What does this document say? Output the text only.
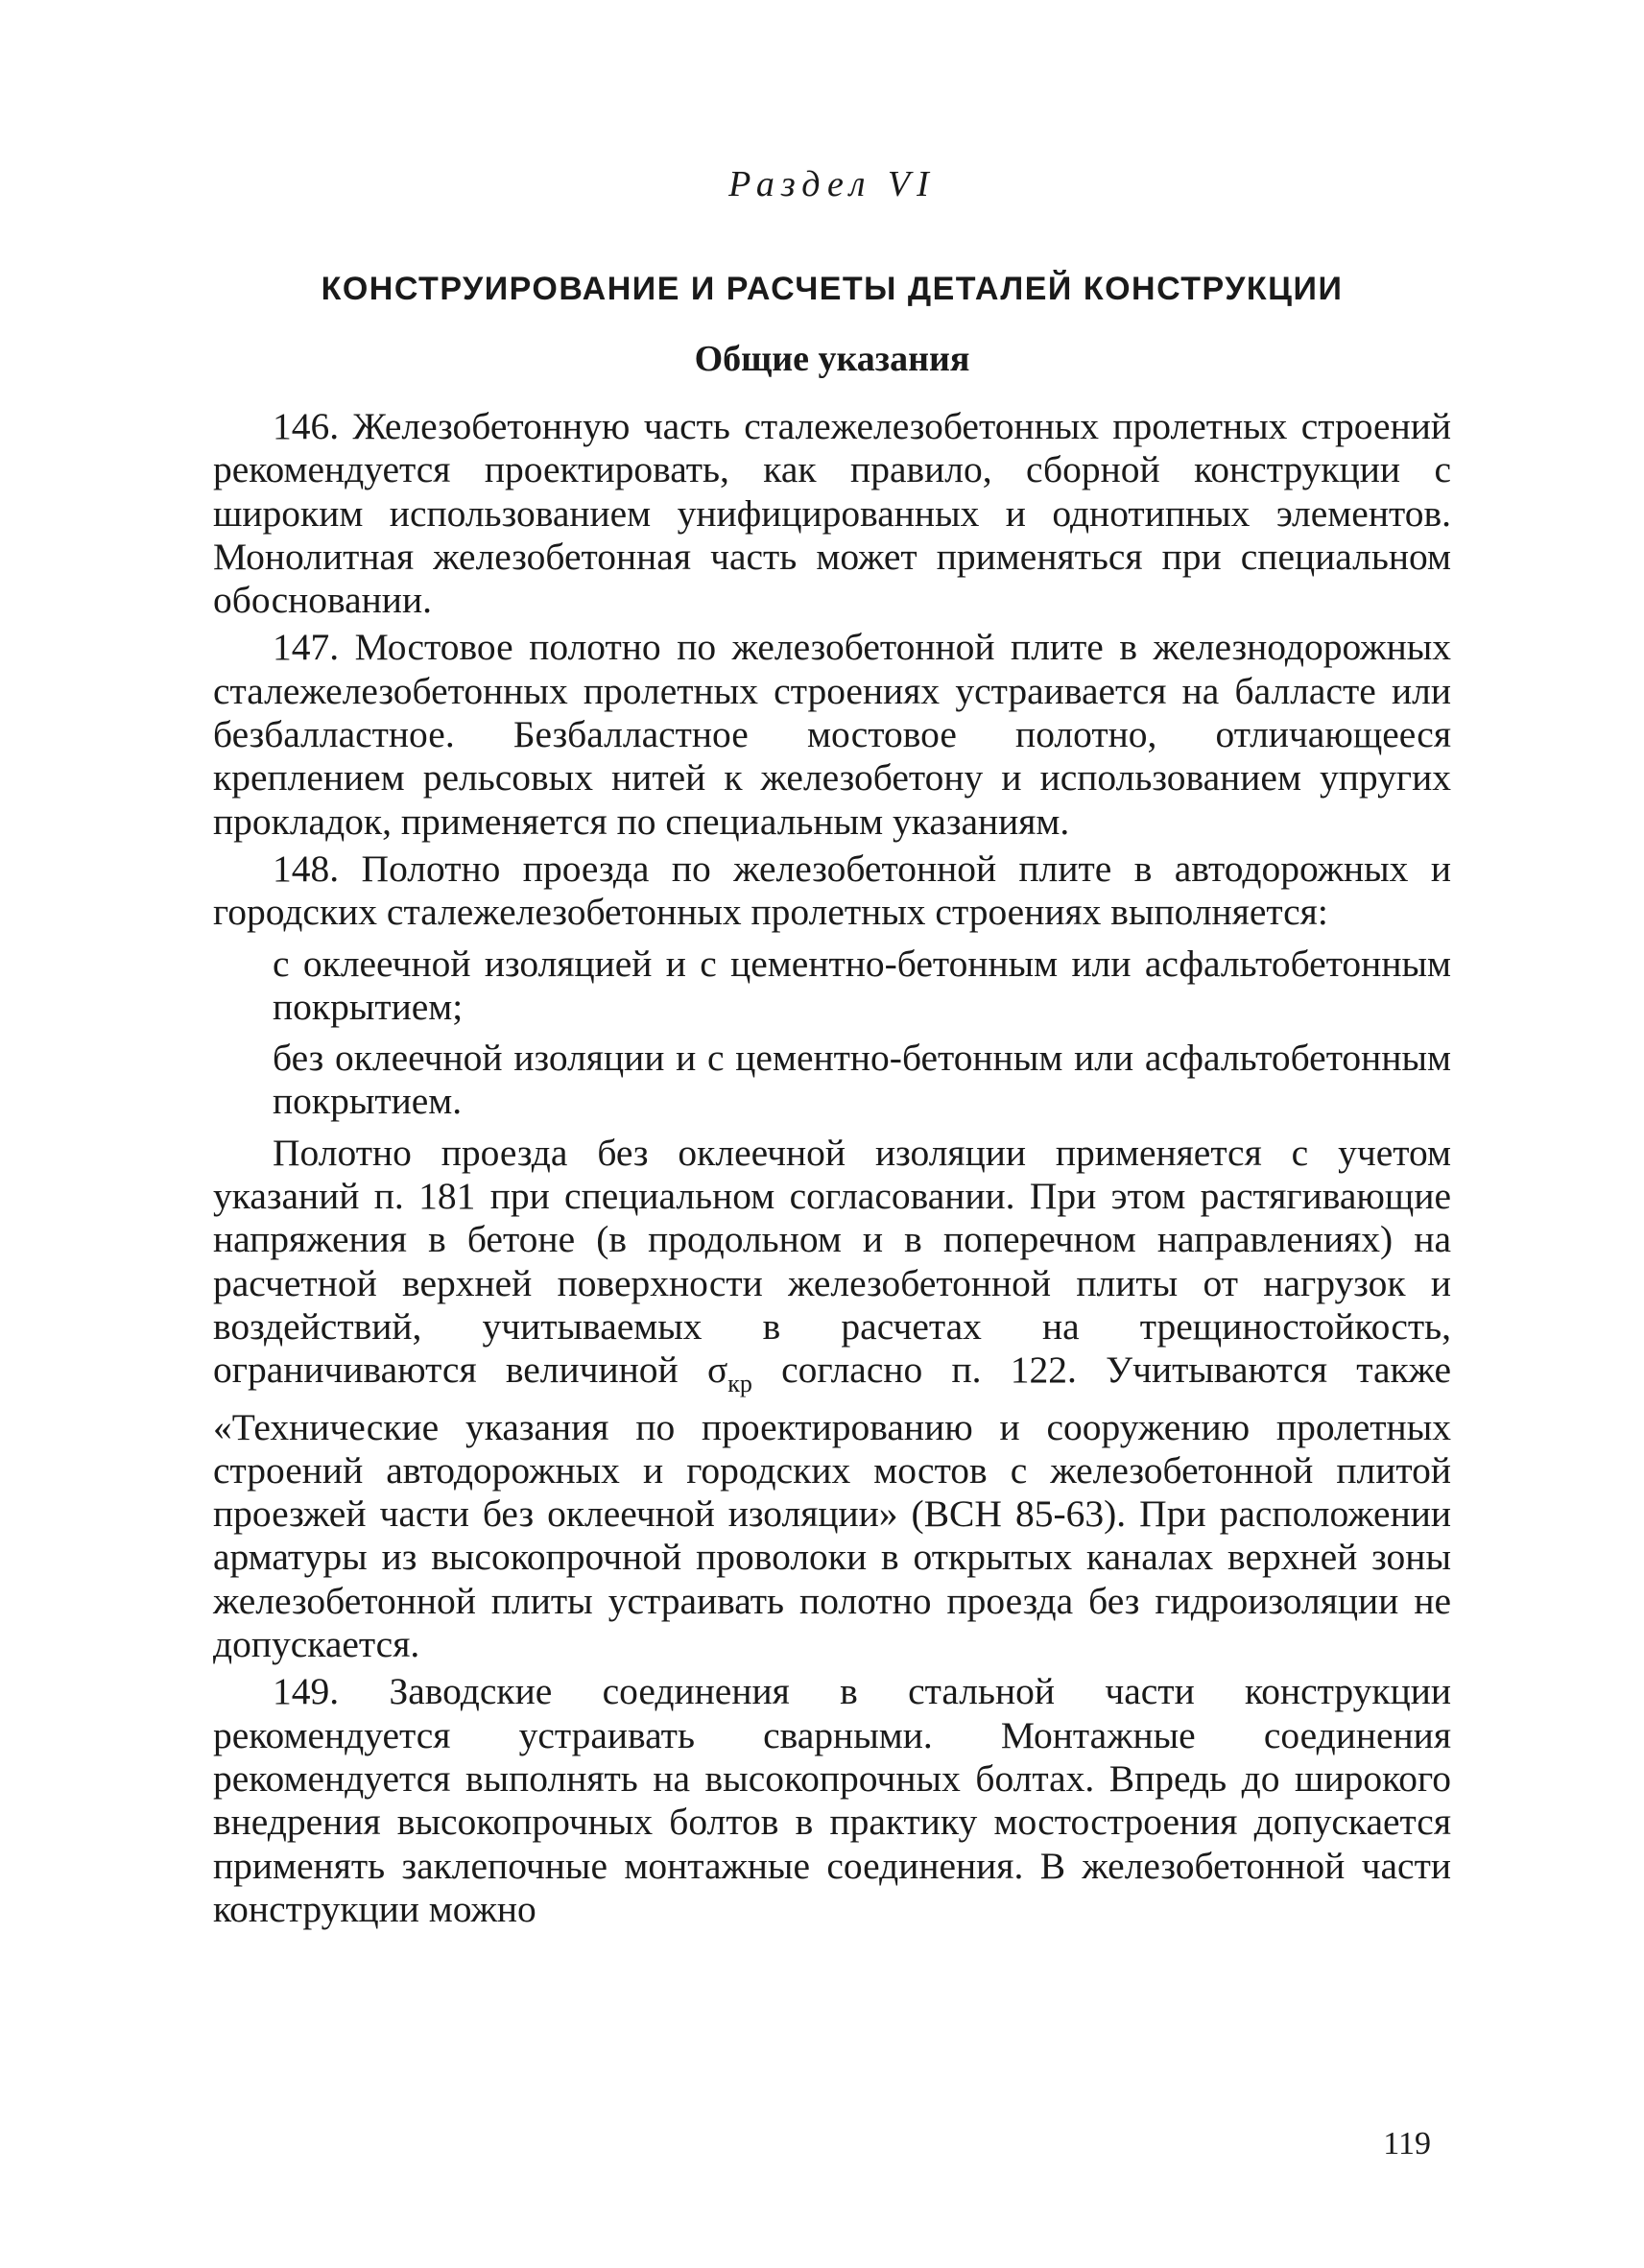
Раздел VI
КОНСТРУИРОВАНИЕ И РАСЧЕТЫ ДЕТАЛЕЙ КОНСТРУКЦИИ
Общие указания

146. Железобетонную часть сталежелезобетонных пролетных строений рекомендуется проектировать, как правило, сборной конструкции с широким использованием унифицированных и однотипных элементов. Монолитная железобетонная часть может применяться при специальном обосновании.

147. Мостовое полотно по железобетонной плите в железнодорожных сталежелезобетонных пролетных строениях устраивается на балласте или безбалластное. Безбалластное мостовое полотно, отличающееся креплением рельсовых нитей к железобетону и использованием упругих прокладок, применяется по специальным указаниям.

148. Полотно проезда по железобетонной плите в автодорожных и городских сталежелезобетонных пролетных строениях выполняется:

с оклеечной изоляцией и с цементно-бетонным или асфальтобетонным покрытием;

без оклеечной изоляции и с цементно-бетонным или асфальтобетонным покрытием.

Полотно проезда без оклеечной изоляции применяется с учетом указаний п. 181 при специальном согласовании. При этом растягивающие напряжения в бетоне (в продольном и в поперечном направлениях) на расчетной верхней поверхности железобетонной плиты от нагрузок и воздействий, учитываемых в расчетах на трещиностойкость, ограничиваются величиной $\sigma_{кр}$ согласно п. 122. Учитываются также «Технические указания по проектированию и сооружению пролетных строений автодорожных и городских мостов с железобетонной плитой проезжей части без оклеечной изоляции» (ВСН 85-63). При расположении арматуры из высокопрочной проволоки в открытых каналах верхней зоны железобетонной плиты устраивать полотно проезда без гидроизоляции не допускается.

149. Заводские соединения в стальной части конструкции рекомендуется устраивать сварными. Монтажные соединения рекомендуется выполнять на высокопрочных болтах. Впредь до широкого внедрения высокопрочных болтов в практику мостостроения допускается применять заклепочные монтажные соединения. В железобетонной части конструкции можно

119
